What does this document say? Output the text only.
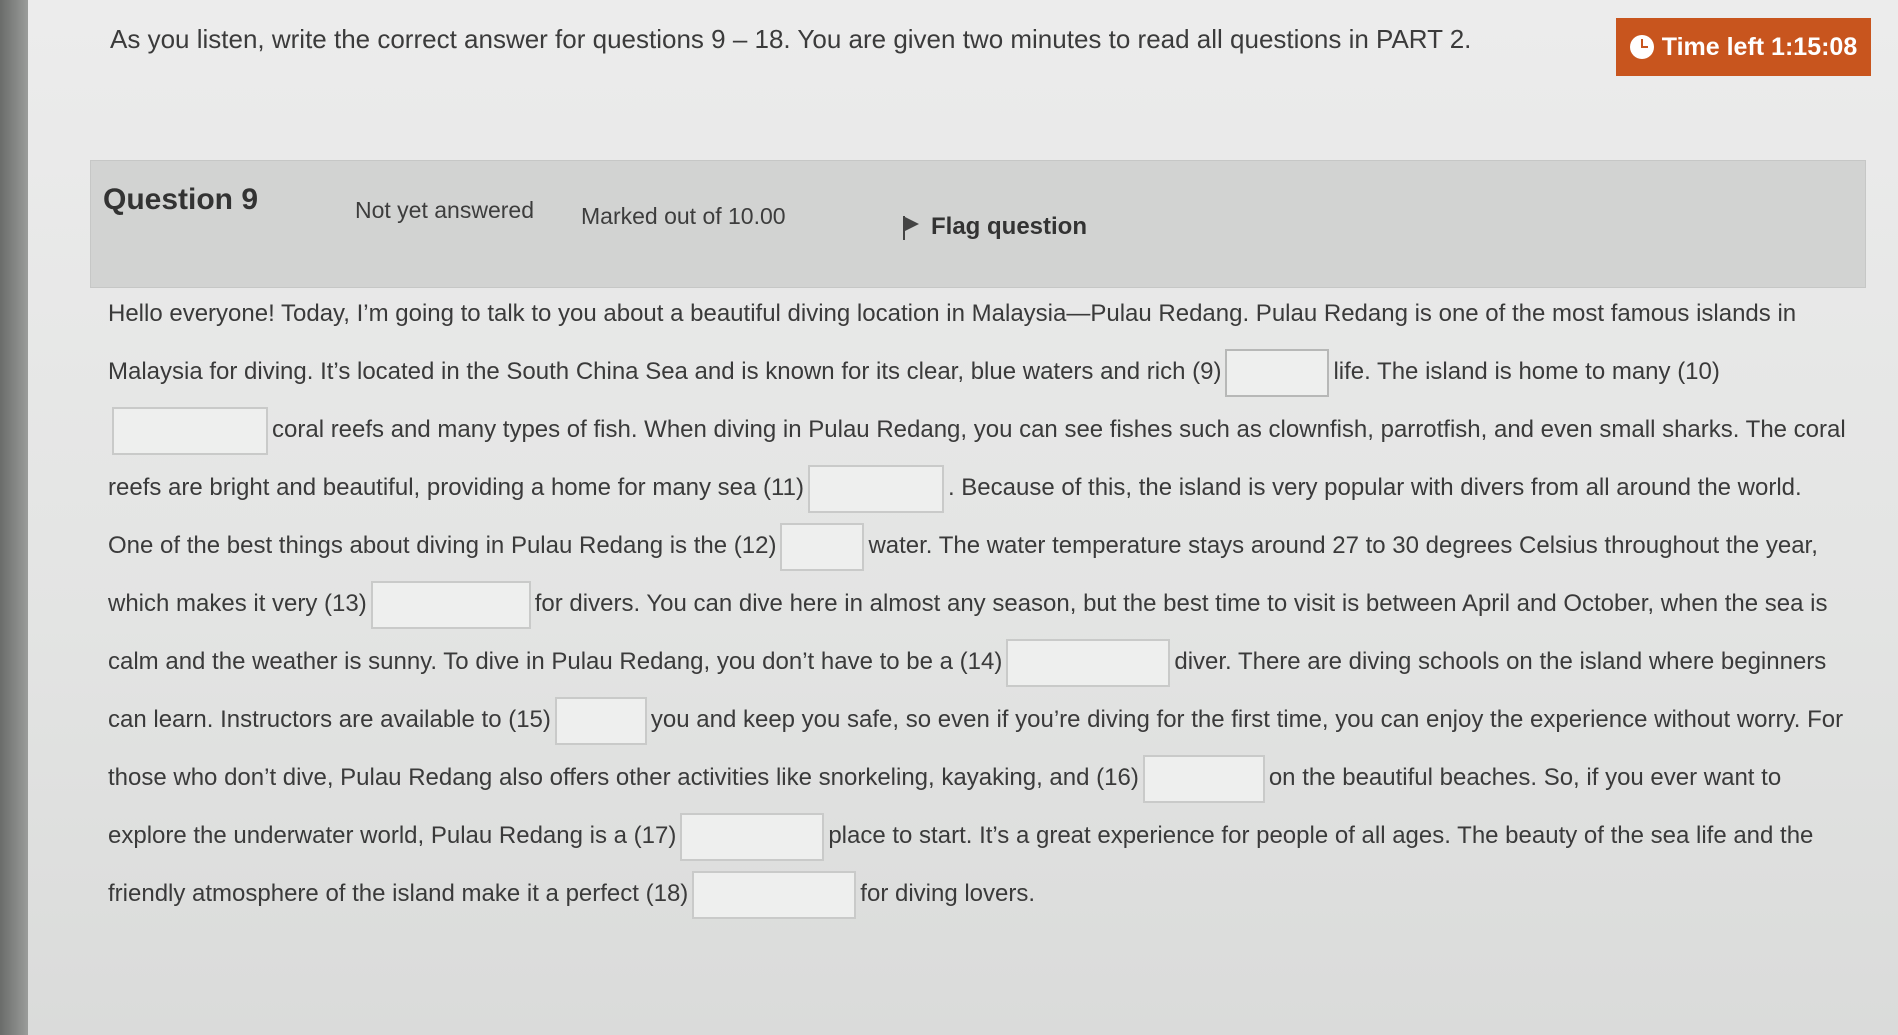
As you listen, write the correct answer for questions 9 – 18. You are given two minutes to read all questions in PART 2.	Time left 1:15:08
Question 9	Not yet answered Marked out of 10.00	Flag question
Hello everyone! Today, I’m going to talk to you about a beautiful diving location in Malaysia—Pulau Redang. Pulau Redang is one of the most famous islands in Malaysia for diving. It’s located in the South China Sea and is known for its clear, blue waters and rich (9)	life. The island is home to many (10) coral reefs and many types of fish. When diving in Pulau Redang, you can see fishes such as clownfish, parrotfish, and even small sharks. The coral reefs are bright and beautiful, providing a home for many sea (11)	. Because of this, the island is very popular with divers from all around the world. One of the best things about diving in Pulau Redang is the (12)	water. The water temperature stays around 27 to 30 degrees Celsius throughout the year, which makes it very (13)	for divers. You can dive here in almost any season, but the best time to visit is between April and October, when the sea is calm and the weather is sunny. To dive in Pulau Redang, you don’t have to be a (14)	diver. There are diving schools on the island where beginners can learn. Instructors are available to (15)	you and keep you safe, so even if you’re diving for the first time, you can enjoy the experience without worry. For those who don’t dive, Pulau Redang also offers other activities like snorkeling, kayaking, and (16)	on the beautiful beaches. So, if you ever want to explore the underwater world, Pulau Redang is a (17)	place to start. It’s a great experience for people of all ages. The beauty of the sea life and the friendly atmosphere of the island make it a perfect (18)	for diving lovers.
